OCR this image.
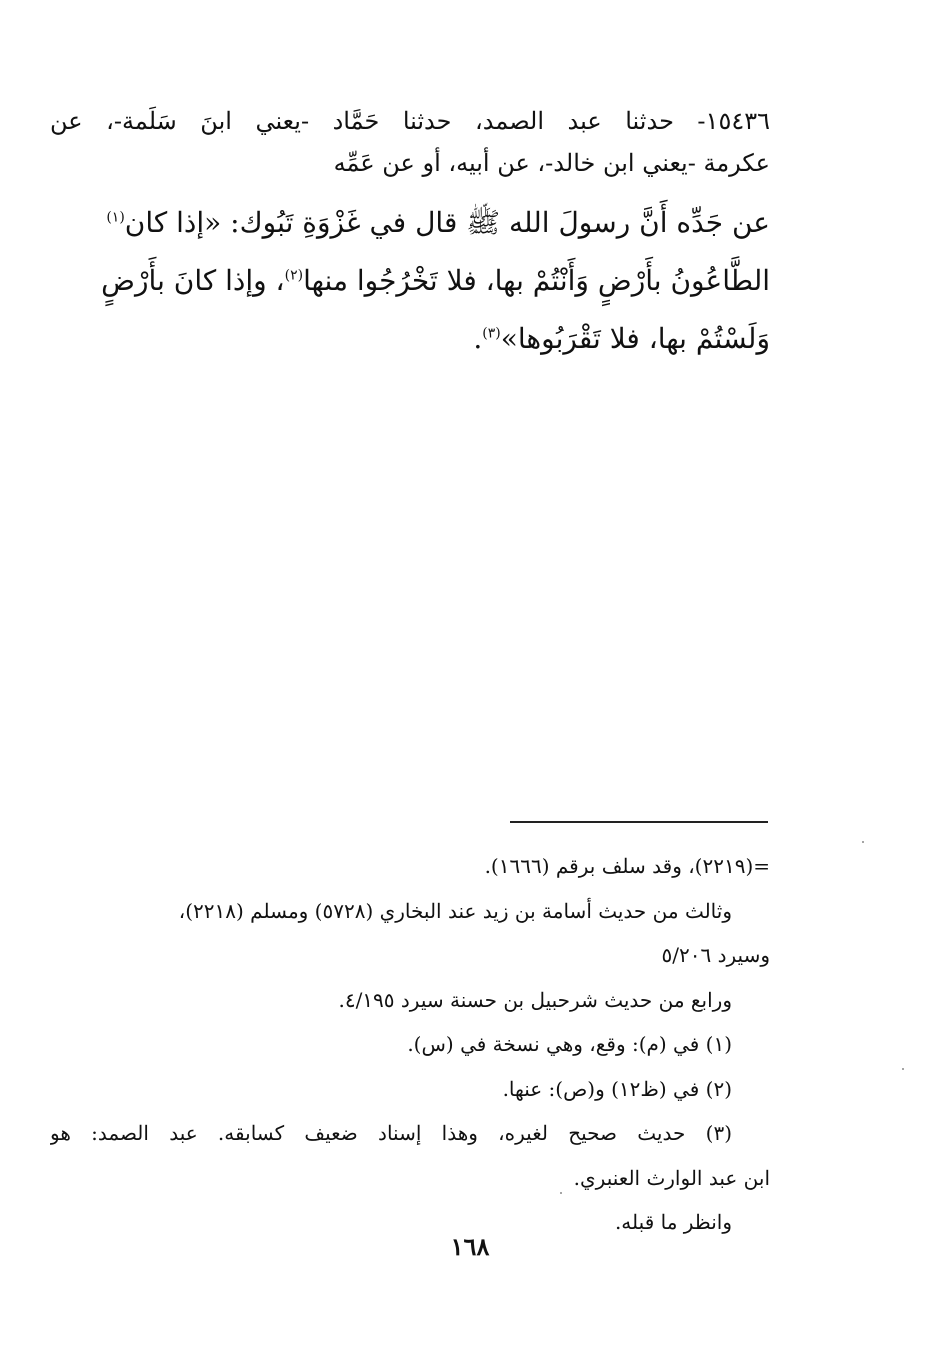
١٥٤٣٦- حدثنا عبد الصمد، حدثنا حَمَّاد -يعني ابنَ سَلَمة-، عن
عكرمة -يعني ابن خالد-، عن أبيه، أو عن عَمِّه
عن جَدِّه أَنَّ رسولَ الله ﷺ قال في غَزْوَةِ تَبُوك: «إذا كان$^{(١)}$
الطَّاعُونُ بأَرْضٍ وَأَنْتُمْ بها، فلا تَخْرُجُوا منها$^{(٢)}$، وإذا كانَ بأَرْضٍ
وَلَسْتُمْ بها، فلا تَقْرَبُوها»$^{(٣)}$.
=(٢٢١٩)، وقد سلف برقم (١٦٦٦).
وثالث من حديث أسامة بن زيد عند البخاري (٥٧٢٨) ومسلم (٢٢١٨)،
وسيرد ٥/٢٠٦
ورابع من حديث شرحبيل بن حسنة سيرد ٤/١٩٥.
(١) في (م): وقع، وهي نسخة في (س).
(٢) في (ظ١٢) و(ص): عنها.
(٣) حديث صحيح لغيره، وهذا إسناد ضعيف كسابقه. عبد الصمد: هو
ابن عبد الوارث العنبري.
وانظر ما قبله.
١٦٨
